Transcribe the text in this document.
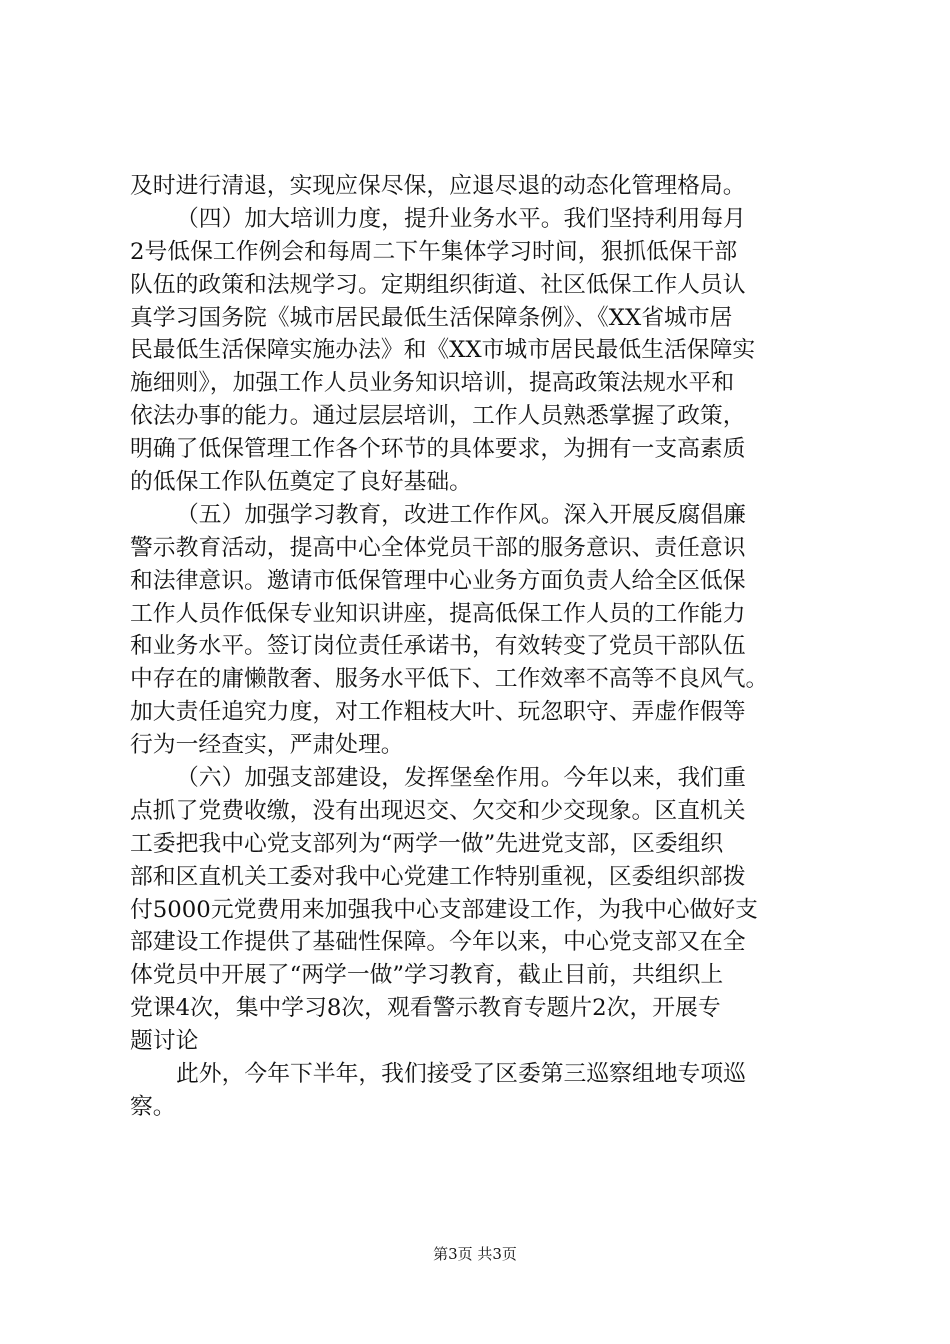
及时进行清退，实现应保尽保，应退尽退的动态化管理格局。
（四）加大培训力度，提升业务水平。我们坚持利用每月
2号低保工作例会和每周二下午集体学习时间，狠抓低保干部
队伍的政策和法规学习。定期组织街道、社区低保工作人员认
真学习国务院《城市居民最低生活保障条例》、《XX省城市居
民最低生活保障实施办法》和《XX市城市居民最低生活保障实
施细则》，加强工作人员业务知识培训，提高政策法规水平和
依法办事的能力。通过层层培训，工作人员熟悉掌握了政策，
明确了低保管理工作各个环节的具体要求，为拥有一支高素质
的低保工作队伍奠定了良好基础。
（五）加强学习教育，改进工作作风。深入开展反腐倡廉
警示教育活动，提高中心全体党员干部的服务意识、责任意识
和法律意识。邀请市低保管理中心业务方面负责人给全区低保
工作人员作低保专业知识讲座，提高低保工作人员的工作能力
和业务水平。签订岗位责任承诺书，有效转变了党员干部队伍
中存在的庸懒散奢、服务水平低下、工作效率不高等不良风气。
加大责任追究力度，对工作粗枝大叶、玩忽职守、弄虚作假等
行为一经查实，严肃处理。
（六）加强支部建设，发挥堡垒作用。今年以来，我们重
点抓了党费收缴，没有出现迟交、欠交和少交现象。区直机关
工委把我中心党支部列为“两学一做”先进党支部，区委组织
部和区直机关工委对我中心党建工作特别重视，区委组织部拨
付5000元党费用来加强我中心支部建设工作，为我中心做好支
部建设工作提供了基础性保障。今年以来，中心党支部又在全
体党员中开展了“两学一做”学习教育，截止目前，共组织上
党课4次，集中学习8次，观看警示教育专题片2次，开展专
题讨论
此外，今年下半年，我们接受了区委第三巡察组地专项巡
察。
第3页 共3页
